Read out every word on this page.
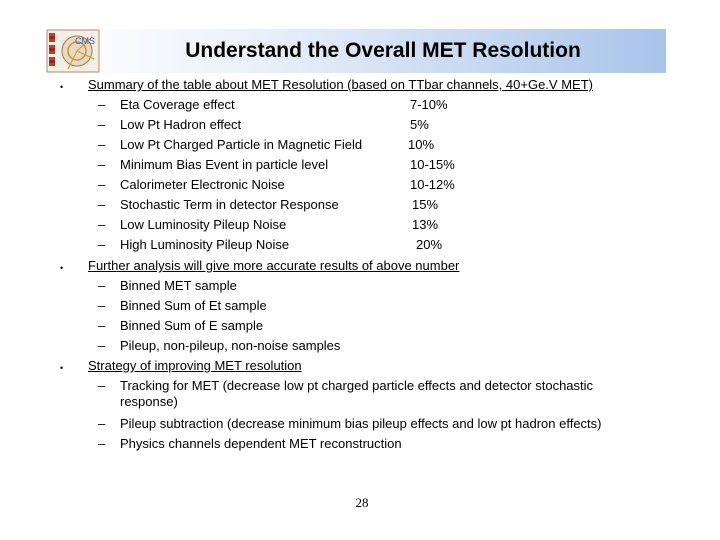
CMS	Understand the Overall MET Resolution
• Summary of the table about MET Resolution (based on TTbar channels, 40+Ge.V MET)
– Eta Coverage effect	7-10%
– Low Pt Hadron effect	5%
– Low Pt Charged Particle in Magnetic Field	10%
– Minimum Bias Event in particle level	10-15%
– Calorimeter Electronic Noise	10-12%
– Stochastic Term in detector Response	15%
– Low Luminosity Pileup Noise	13%
– High Luminosity Pileup Noise	20%
• Further analysis will give more accurate results of above number
– Binned MET sample
– Binned Sum of Et sample
– Binned Sum of E sample
– Pileup, non-pileup, non-noise samples
• Strategy of improving MET resolution
– Tracking for MET (decrease low pt charged particle effects and detector stochastic response)
– Pileup subtraction (decrease minimum bias pileup effects and low pt hadron effects)
– Physics channels dependent MET reconstruction
28
